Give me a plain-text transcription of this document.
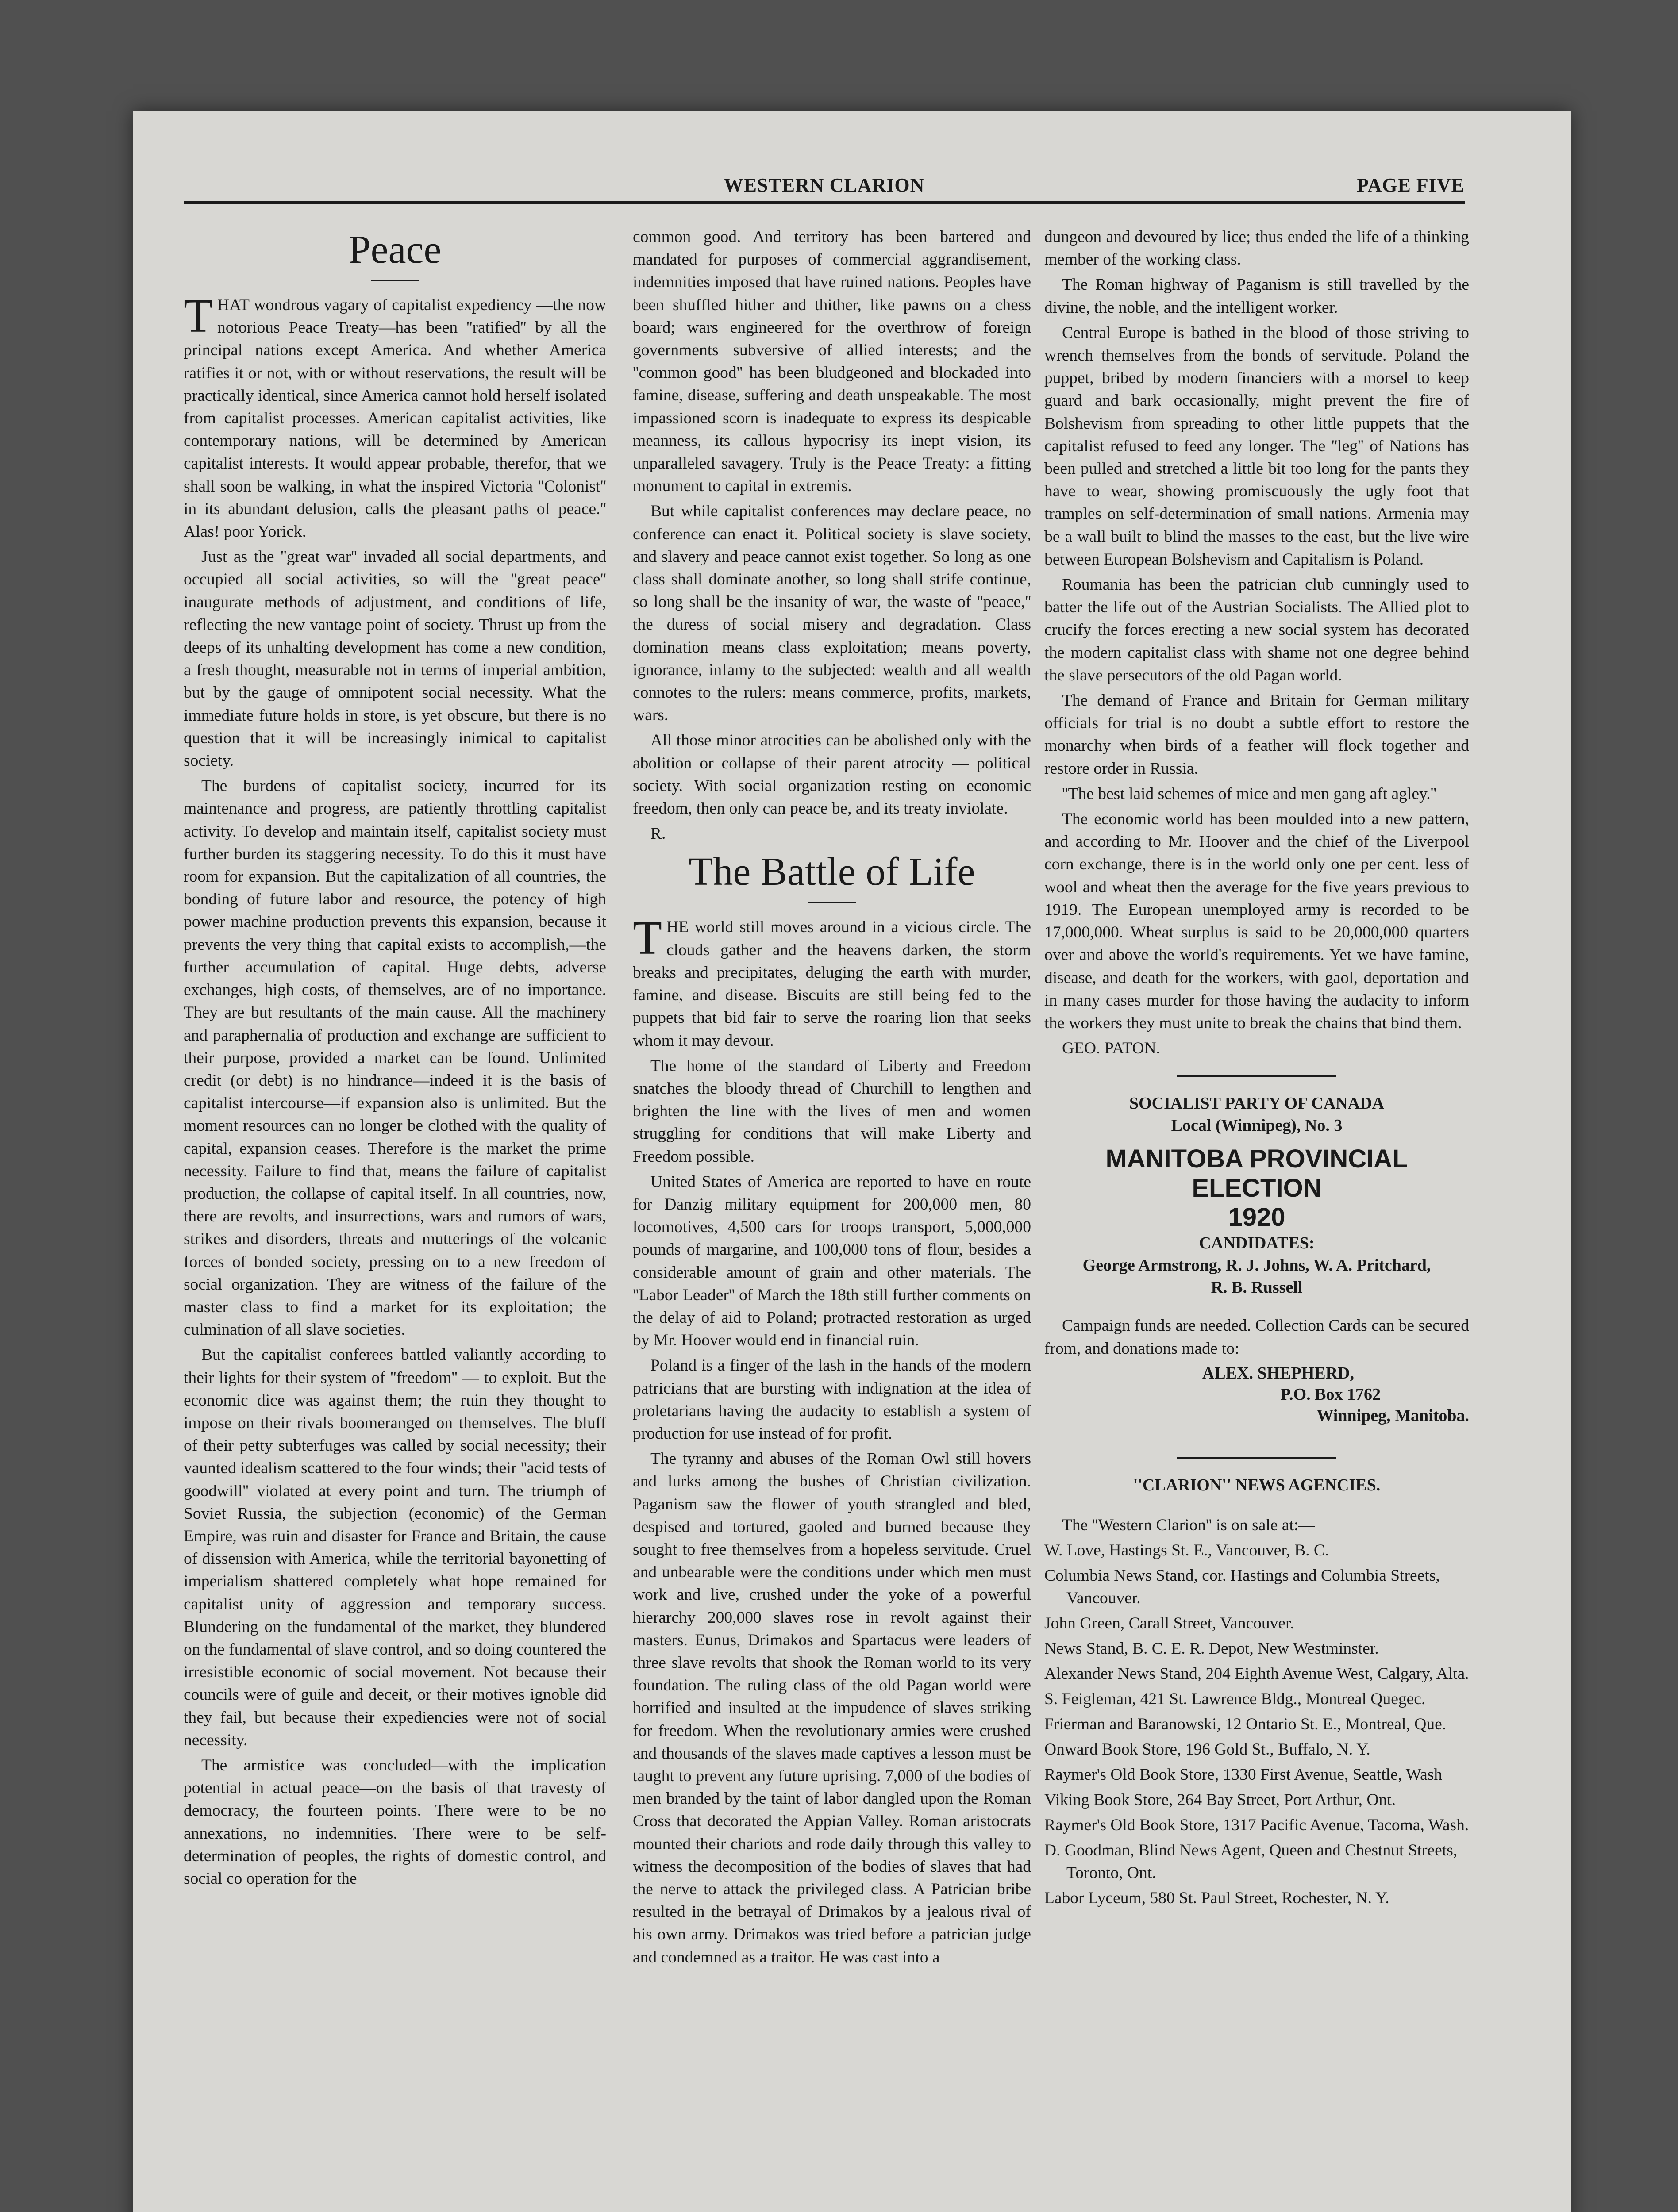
WESTERN CLARION	PAGE FIVE
Peace

THAT wondrous vagary of capitalist expediency —the now notorious Peace Treaty—has been ''ratified'' by all the principal nations except America. And whether America ratifies it or not, with or without reservations, the result will be practically identical, since America cannot hold herself isolated from capitalist processes. American capitalist activities, like contemporary nations, will be determined by American capitalist interests. It would appear probable, therefor, that we shall soon be walking, in what the inspired Victoria ''Colonist'' in its abundant delusion, calls the pleasant paths of peace.'' Alas! poor Yorick.

Just as the ''great war'' invaded all social departments, and occupied all social activities, so will the ''great peace'' inaugurate methods of adjustment, and conditions of life, reflecting the new vantage point of society. Thrust up from the deeps of its unhalting development has come a new condition, a fresh thought, measurable not in terms of imperial ambition, but by the gauge of omnipotent social necessity. What the immediate future holds in store, is yet obscure, but there is no question that it will be increasingly inimical to capitalist society.

The burdens of capitalist society, incurred for its maintenance and progress, are patiently throttling capitalist activity. To develop and maintain itself, capitalist society must further burden its staggering necessity. To do this it must have room for expansion. But the capitalization of all countries, the bonding of future labor and resource, the potency of high power machine production prevents this expansion, because it prevents the very thing that capital exists to accomplish,—the further accumulation of capital. Huge debts, adverse exchanges, high costs, of themselves, are of no importance. They are but resultants of the main cause. All the machinery and paraphernalia of production and exchange are sufficient to their purpose, provided a market can be found. Unlimited credit (or debt) is no hindrance—indeed it is the basis of capitalist intercourse—if expansion also is unlimited. But the moment resources can no longer be clothed with the quality of capital, expansion ceases. Therefore is the market the prime necessity. Failure to find that, means the failure of capitalist production, the collapse of capital itself. In all countries, now, there are revolts, and insurrections, wars and rumors of wars, strikes and disorders, threats and mutterings of the volcanic forces of bonded society, pressing on to a new freedom of social organization. They are witness of the failure of the master class to find a market for its exploitation; the culmination of all slave societies.

But the capitalist conferees battled valiantly according to their lights for their system of ''freedom'' — to exploit. But the economic dice was against them; the ruin they thought to impose on their rivals boomeranged on themselves. The bluff of their petty subterfuges was called by social necessity; their vaunted idealism scattered to the four winds; their ''acid tests of goodwill'' violated at every point and turn. The triumph of Soviet Russia, the subjection (economic) of the German Empire, was ruin and disaster for France and Britain, the cause of dissension with America, while the territorial bayonetting of imperialism shattered completely what hope remained for capitalist unity of aggression and temporary success. Blundering on the fundamental of the market, they blundered on the fundamental of slave control, and so doing countered the irresistible economic of social movement. Not because their councils were of guile and deceit, or their motives ignoble did they fail, but because their expediencies were not of social necessity.

The armistice was concluded—with the implication potential in actual peace—on the basis of that travesty of democracy, the fourteen points. There were to be no annexations, no indemnities. There were to be self-determination of peoples, the rights of domestic control, and social co operation for the

common good. And territory has been bartered and mandated for purposes of commercial aggrandisement, indemnities imposed that have ruined nations. Peoples have been shuffled hither and thither, like pawns on a chess board; wars engineered for the overthrow of foreign governments subversive of allied interests; and the ''common good'' has been bludgeoned and blockaded into famine, disease, suffering and death unspeakable. The most impassioned scorn is inadequate to express its despicable meanness, its callous hypocrisy its inept vision, its unparalleled savagery. Truly is the Peace Treaty: a fitting monument to capital in extremis.

But while capitalist conferences may declare peace, no conference can enact it. Political society is slave society, and slavery and peace cannot exist together. So long as one class shall dominate another, so long shall strife continue, so long shall be the insanity of war, the waste of ''peace,'' the duress of social misery and degradation. Class domination means class exploitation; means poverty, ignorance, infamy to the subjected: wealth and all wealth connotes to the rulers: means commerce, profits, markets, wars.

All those minor atrocities can be abolished only with the abolition or collapse of their parent atrocity — political society. With social organization resting on economic freedom, then only can peace be, and its treaty inviolate.

R.

The Battle of Life

THE world still moves around in a vicious circle. The clouds gather and the heavens darken, the storm breaks and precipitates, deluging the earth with murder, famine, and disease. Biscuits are still being fed to the puppets that bid fair to serve the roaring lion that seeks whom it may devour.

The home of the standard of Liberty and Freedom snatches the bloody thread of Churchill to lengthen and brighten the line with the lives of men and women struggling for conditions that will make Liberty and Freedom possible.

United States of America are reported to have en route for Danzig military equipment for 200,000 men, 80 locomotives, 4,500 cars for troops transport, 5,000,000 pounds of margarine, and 100,000 tons of flour, besides a considerable amount of grain and other materials. The ''Labor Leader'' of March the 18th still further comments on the delay of aid to Poland; protracted restoration as urged by Mr. Hoover would end in financial ruin.

Poland is a finger of the lash in the hands of the modern patricians that are bursting with indignation at the idea of proletarians having the audacity to establish a system of production for use instead of for profit.

The tyranny and abuses of the Roman Owl still hovers and lurks among the bushes of Christian civilization. Paganism saw the flower of youth strangled and bled, despised and tortured, gaoled and burned because they sought to free themselves from a hopeless servitude. Cruel and unbearable were the conditions under which men must work and live, crushed under the yoke of a powerful hierarchy 200,000 slaves rose in revolt against their masters. Eunus, Drimakos and Spartacus were leaders of three slave revolts that shook the Roman world to its very foundation. The ruling class of the old Pagan world were horrified and insulted at the impudence of slaves striking for freedom. When the revolutionary armies were crushed and thousands of the slaves made captives a lesson must be taught to prevent any future uprising. 7,000 of the bodies of men branded by the taint of labor dangled upon the Roman Cross that decorated the Appian Valley. Roman aristocrats mounted their chariots and rode daily through this valley to witness the decomposition of the bodies of slaves that had the nerve to attack the privileged class. A Patrician bribe resulted in the betrayal of Drimakos by a jealous rival of his own army. Drimakos was tried before a patrician judge and condemned as a traitor. He was cast into a

dungeon and devoured by lice; thus ended the life of a thinking member of the working class.

The Roman highway of Paganism is still travelled by the divine, the noble, and the intelligent worker.

Central Europe is bathed in the blood of those striving to wrench themselves from the bonds of servitude. Poland the puppet, bribed by modern financiers with a morsel to keep guard and bark occasionally, might prevent the fire of Bolshevism from spreading to other little puppets that the capitalist refused to feed any longer. The ''leg'' of Nations has been pulled and stretched a little bit too long for the pants they have to wear, showing promiscuously the ugly foot that tramples on self-determination of small nations. Armenia may be a wall built to blind the masses to the east, but the live wire between European Bolshevism and Capitalism is Poland.

Roumania has been the patrician club cunningly used to batter the life out of the Austrian Socialists. The Allied plot to crucify the forces erecting a new social system has decorated the modern capitalist class with shame not one degree behind the slave persecutors of the old Pagan world.

The demand of France and Britain for German military officials for trial is no doubt a subtle effort to restore the monarchy when birds of a feather will flock together and restore order in Russia.

''The best laid schemes of mice and men gang aft agley.''

The economic world has been moulded into a new pattern, and according to Mr. Hoover and the chief of the Liverpool corn exchange, there is in the world only one per cent. less of wool and wheat then the average for the five years previous to 1919. The European unemployed army is recorded to be 17,000,000. Wheat surplus is said to be 20,000,000 quarters over and above the world's requirements. Yet we have famine, disease, and death for the workers, with gaol, deportation and in many cases murder for those having the audacity to inform the workers they must unite to break the chains that bind them.

GEO. PATON.

SOCIALIST PARTY OF CANADA
Local (Winnipeg), No. 3
MANITOBA PROVINCIAL ELECTION
1920
CANDIDATES:
George Armstrong, R. J. Johns, W. A. Pritchard,
R. B. Russell

Campaign funds are needed. Collection Cards can be secured from, and donations made to:

ALEX. SHEPHERD,
P.O. Box 1762
Winnipeg, Manitoba.
''CLARION'' NEWS AGENCIES.

The ''Western Clarion'' is on sale at:—

W. Love, Hastings St. E., Vancouver, B. C.

Columbia News Stand, cor. Hastings and Columbia Streets, Vancouver.

John Green, Carall Street, Vancouver.

News Stand, B. C. E. R. Depot, New Westminster.

Alexander News Stand, 204 Eighth Avenue West, Calgary, Alta.

S. Feigleman, 421 St. Lawrence Bldg., Montreal Quegec.

Frierman and Baranowski, 12 Ontario St. E., Montreal, Que.

Onward Book Store, 196 Gold St., Buffalo, N. Y.

Raymer's Old Book Store, 1330 First Avenue, Seattle, Wash

Viking Book Store, 264 Bay Street, Port Arthur, Ont.

Raymer's Old Book Store, 1317 Pacific Avenue, Tacoma, Wash.

D. Goodman, Blind News Agent, Queen and Chestnut Streets, Toronto, Ont.

Labor Lyceum, 580 St. Paul Street, Rochester, N. Y.
